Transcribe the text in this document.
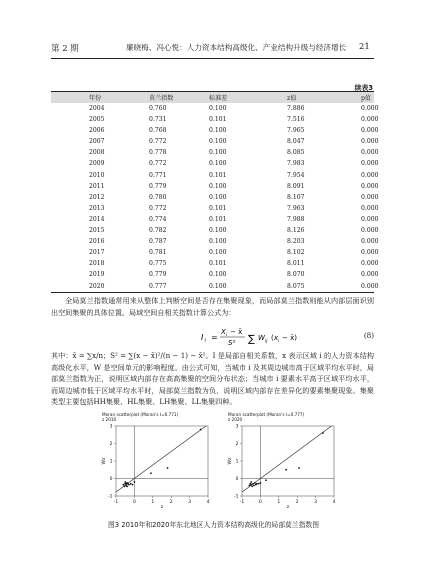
第 2 期	廉晓梅、冯心悦：人力资本结构高级化、产业结构升级与经济增长 21
续表3
年份	莫兰指数	标准差	z值	p值
2004	0.760	0.100	7.886	0.000
2005	0.731	0.101	7.516	0.000
2006	0.768	0.100	7.965	0.000
2007	0.772	0.100	8.047	0.000
2008	0.778	0.100	8.085	0.000
2009	0.772	0.100	7.983	0.000
2010	0.771	0.101	7.954	0.000
2011	0.779	0.100	8.091	0.000
2012	0.780	0.100	8.107	0.000
2013	0.772	0.101	7.963	0.000
2014	0.774	0.101	7.988	0.000
2015	0.782	0.100	8.126	0.000
2016	0.787	0.100	8.203	0.000
2017	0.781	0.100	8.102	0.000
2018	0.775	0.101	8.011	0.000
2019	0.779	0.100	8.070	0.000
2020	0.777	0.100	8.075	0.000
全局莫兰指数通常用来从整体上判断空间是否存在集聚现象，而局部莫兰指数则能从内部层面识别出空间集聚的具体位置。局域空间自相关指数计算公式为：
I i =
X i − x̄
S² ∑ W ij ( x i − x̄)	(8)
其中：x̄ = ∑x/n；S² = ∑(x − x̄)²/(n − 1) − x̄²。I 是局部自相关系数，x 表示区域 i 的人力资本结构高级化水平，W 是空间单元的影响程度。由公式可知，当城市 i 及其周边城市高于区域平均水平时，局部莫兰指数为正，说明区域内部存在高高集聚的空间分布状态；当城市 i 要素水平高于区域平均水平，而周边城市低于区域平均水平时，局部莫兰指数为负，说明区域内部存在差异化的要素集聚现象。集聚类型主要包括HH集聚、HL集聚、LH集聚、LL集聚四种。
Moran scatterplot (Moran's I=0.771)
z 2010
-1	0	1	2	3	4
-1
0
1
2
3
Wz
z
Moran scatterplot (Moran's I=0.777)
z 2020
-1	0	1	2	3	4
-1
0
1
2
3
Wz
z
图3 2010年和2020年东北地区人力资本结构高级化的局部莫兰指数图
